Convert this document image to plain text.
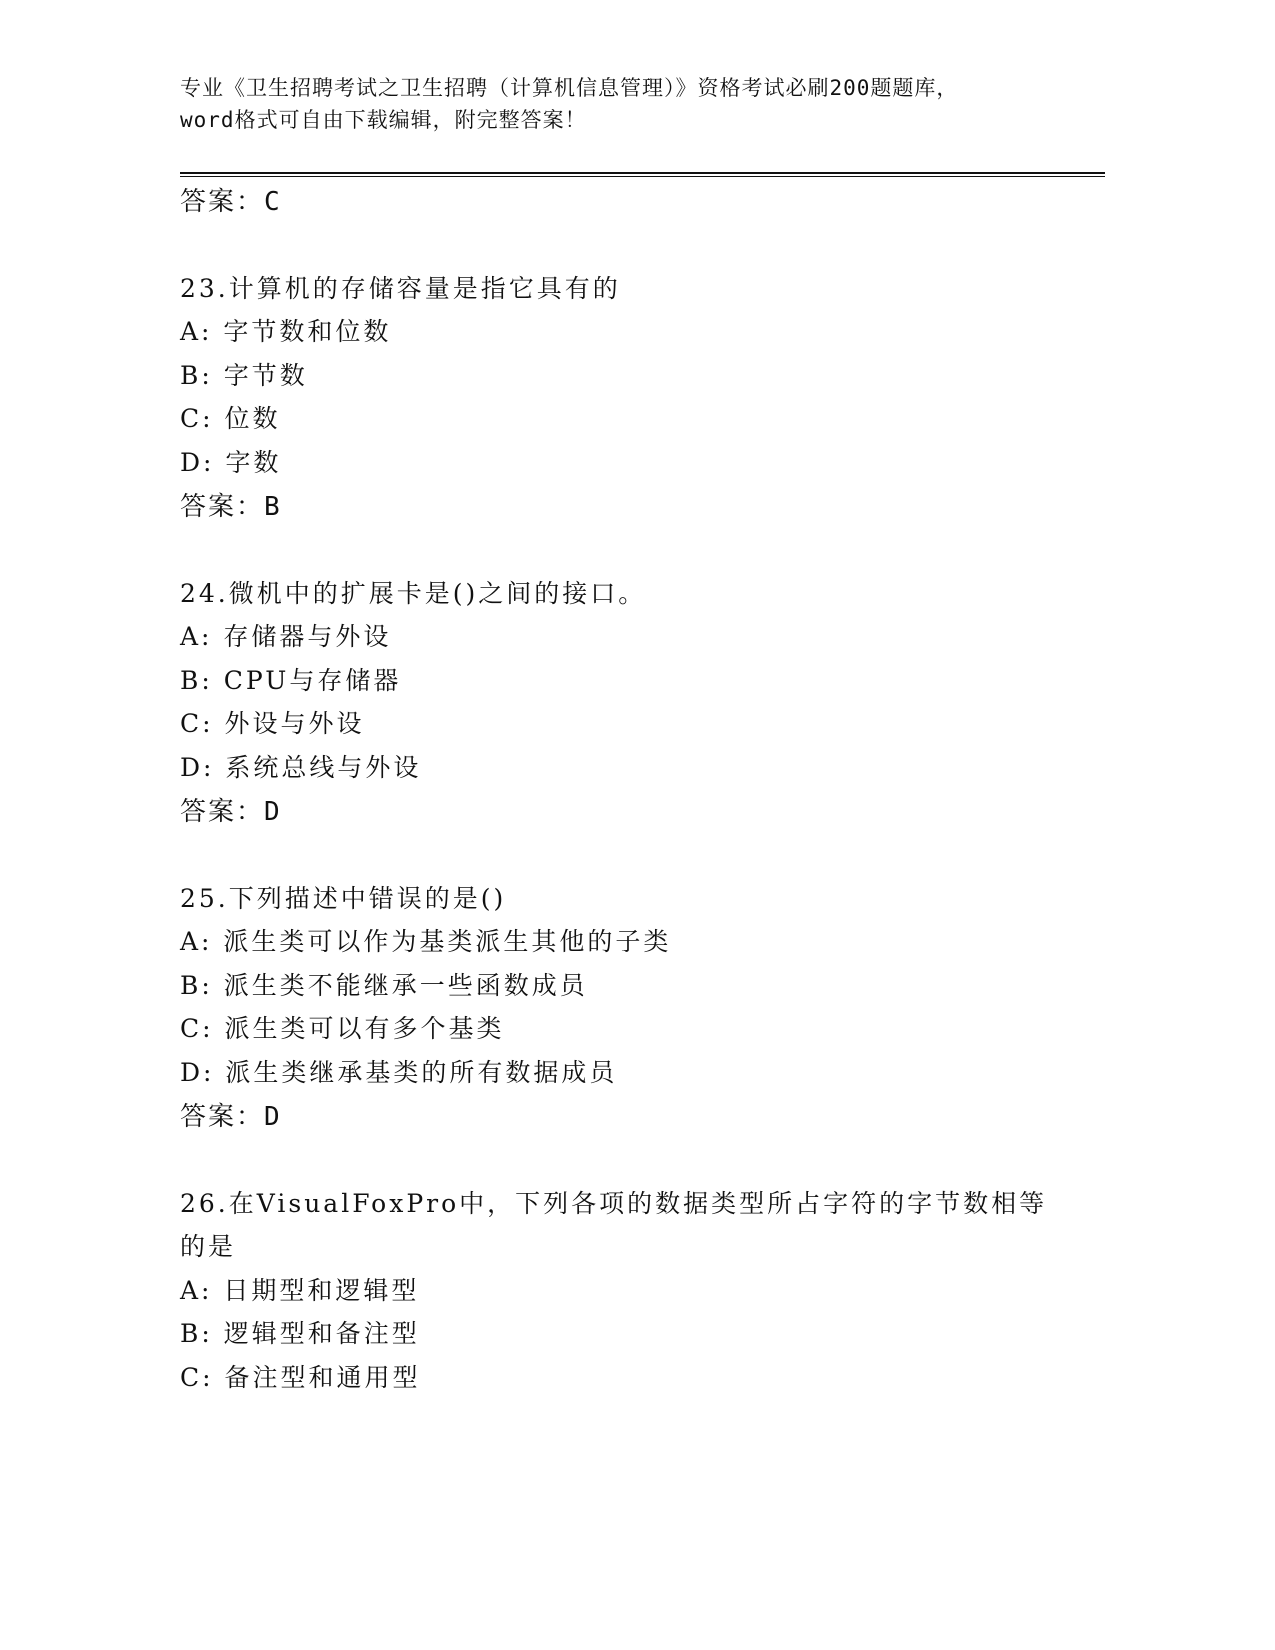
专业《卫生招聘考试之卫生招聘（计算机信息管理）》资格考试必刷200题题库，
word格式可自由下载编辑，附完整答案！
答案：C
23.计算机的存储容量是指它具有的
A: 字节数和位数
B: 字节数
C: 位数
D: 字数
答案：B
24.微机中的扩展卡是()之间的接口。
A: 存储器与外设
B: CPU与存储器
C: 外设与外设
D: 系统总线与外设
答案：D
25.下列描述中错误的是()
A: 派生类可以作为基类派生其他的子类
B: 派生类不能继承一些函数成员
C: 派生类可以有多个基类
D: 派生类继承基类的所有数据成员
答案：D
26.在VisualFoxPro中，下列各项的数据类型所占字符的字节数相等
的是
A: 日期型和逻辑型
B: 逻辑型和备注型
C: 备注型和通用型
